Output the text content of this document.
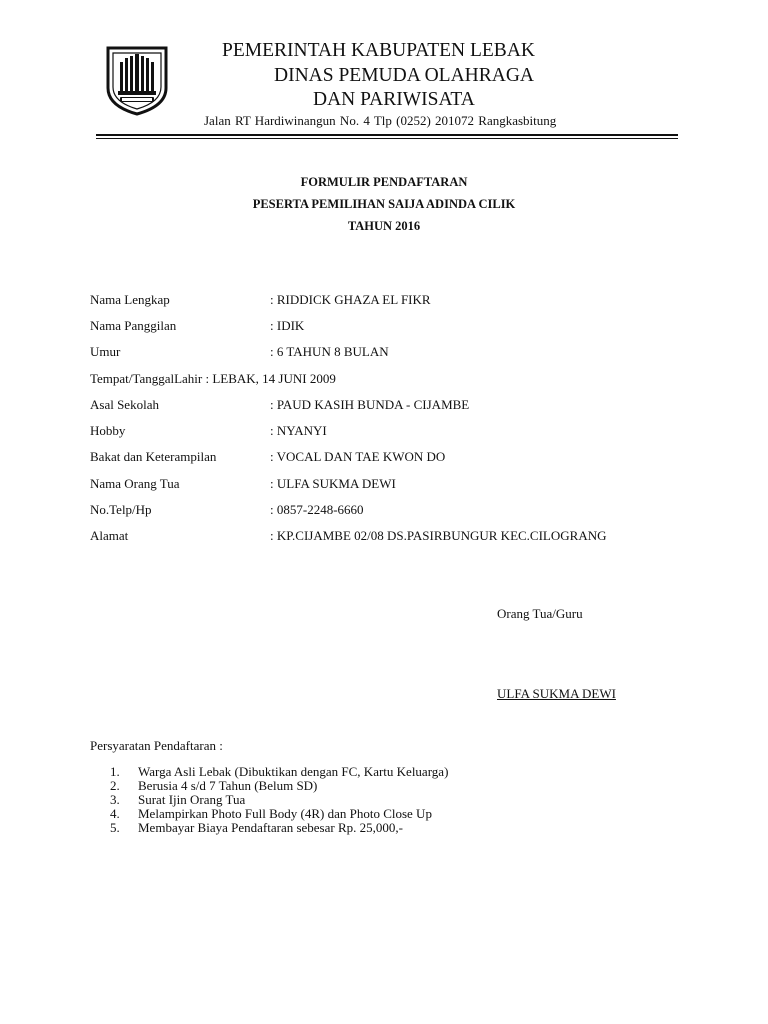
PEMERINTAH KABUPATEN LEBAK
DINAS PEMUDA OLAHRAGA
DAN PARIWISATA
Jalan RT Hardiwinangun No. 4 Tlp (0252) 201072 Rangkasbitung
FORMULIR PENDAFTARAN
PESERTA PEMILIHAN SAIJA ADINDA CILIK
TAHUN 2016
Nama Lengkap	: RIDDICK GHAZA EL FIKR
Nama Panggilan	: IDIK
Umur	: 6 TAHUN 8 BULAN
Tempat/TanggalLahir : LEBAK, 14 JUNI 2009
Asal Sekolah	: PAUD KASIH BUNDA - CIJAMBE
Hobby	: NYANYI
Bakat dan Keterampilan	: VOCAL DAN TAE KWON DO
Nama Orang Tua	: ULFA SUKMA DEWI
No.Telp/Hp	: 0857-2248-6660
Alamat	: KP.CIJAMBE 02/08 DS.PASIRBUNGUR KEC.CILOGRANG
Orang Tua/Guru
ULFA SUKMA DEWI
Persyaratan Pendaftaran :
1. Warga Asli Lebak (Dibuktikan dengan FC, Kartu Keluarga)
2. Berusia 4 s/d 7 Tahun (Belum SD)
3. Surat Ijin Orang Tua
4. Melampirkan Photo Full Body (4R) dan Photo Close Up
5. Membayar Biaya Pendaftaran sebesar Rp. 25,000,-
